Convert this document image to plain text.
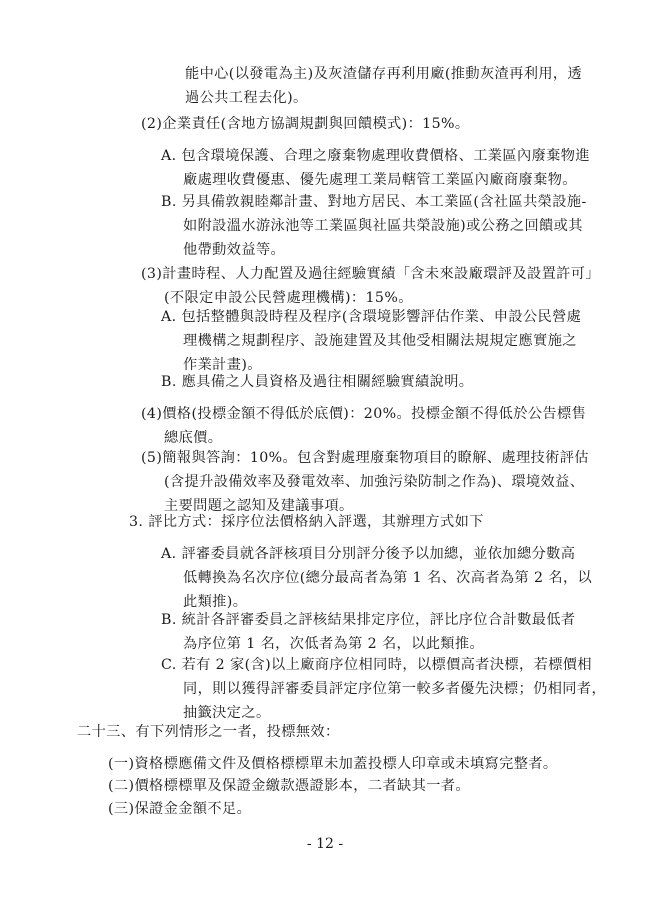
能中心(以發電為主)及灰渣儲存再利用廠(推動灰渣再利用，透
過公共工程去化)。
(2)企業責任(含地方協調規劃與回饋模式)：15%。
A. 包含環境保護、合理之廢棄物處理收費價格、工業區內廢棄物進
廠處理收費優惠、優先處理工業局轄管工業區內廠商廢棄物。
B. 另具備敦親睦鄰計畫、對地方居民、本工業區(含社區共榮設施-
如附設溫水游泳池等工業區與社區共榮設施)或公務之回饋或其
他帶動效益等。
(3)計畫時程、人力配置及過往經驗實績「含未來設廠環評及設置許可」
(不限定申設公民營處理機構)：15%。
A. 包括整體與設時程及程序(含環境影響評估作業、申設公民營處
理機構之規劃程序、設施建置及其他受相關法規規定應實施之
作業計畫)。
B. 應具備之人員資格及過往相關經驗實績說明。
(4)價格(投標金額不得低於底價)：20%。投標金額不得低於公告標售
總底價。
(5)簡報與答詢：10%。包含對處理廢棄物項目的瞭解、處理技術評估
(含提升設備效率及發電效率、加強污染防制之作為)、環境效益、
主要問題之認知及建議事項。
3. 評比方式：採序位法價格納入評選，其辦理方式如下
A. 評審委員就各評核項目分別評分後予以加總，並依加總分數高
低轉換為名次序位(總分最高者為第 1 名、次高者為第 2 名，以
此類推)。
B. 統計各評審委員之評核結果排定序位，評比序位合計數最低者
為序位第 1 名，次低者為第 2 名，以此類推。
C. 若有 2 家(含)以上廠商序位相同時，以標價高者決標，若標價相
同，則以獲得評審委員評定序位第一較多者優先決標；仍相同者，
抽籤決定之。
二十三、有下列情形之一者，投標無效：
(一)資格標應備文件及價格標標單未加蓋投標人印章或未填寫完整者。
(二)價格標標單及保證金繳款憑證影本，二者缺其一者。
(三)保證金金額不足。
- 12 -
